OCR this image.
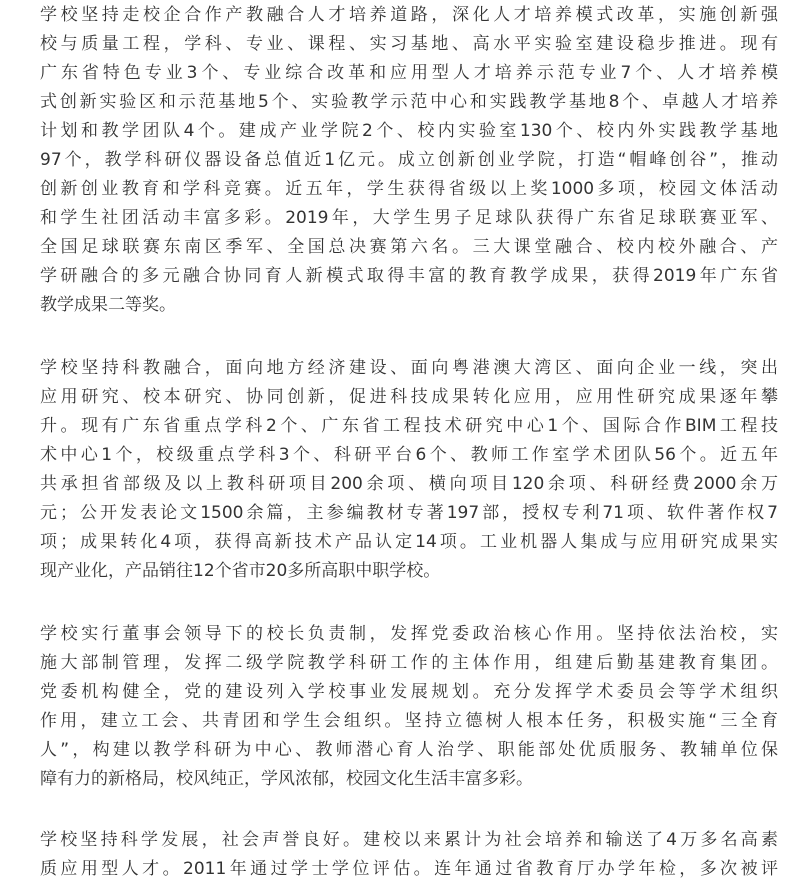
学校坚持走校企合作产教融合人才培养道路，深化人才培养模式改革，实施创新强
校与质量工程，学科、专业、课程、实习基地、高水平实验室建设稳步推进。现有
广东省特色专业3个、专业综合改革和应用型人才培养示范专业7个、人才培养模
式创新实验区和示范基地5个、实验教学示范中心和实践教学基地8个、卓越人才培养
计划和教学团队4个。建成产业学院2个、校内实验室130个、校内外实践教学基地
97个，教学科研仪器设备总值近1亿元。成立创新创业学院，打造“帽峰创谷”，推动
创新创业教育和学科竞赛。近五年，学生获得省级以上奖1000多项，校园文体活动
和学生社团活动丰富多彩。2019年，大学生男子足球队获得广东省足球联赛亚军、
全国足球联赛东南区季军、全国总决赛第六名。三大课堂融合、校内校外融合、产
学研融合的多元融合协同育人新模式取得丰富的教育教学成果，获得2019年广东省
教学成果二等奖。
学校坚持科教融合，面向地方经济建设、面向粤港澳大湾区、面向企业一线，突出
应用研究、校本研究、协同创新，促进科技成果转化应用，应用性研究成果逐年攀
升。现有广东省重点学科2个、广东省工程技术研究中心1个、国际合作BIM工程技
术中心1个，校级重点学科3个、科研平台6个、教师工作室学术团队56个。近五年
共承担省部级及以上教科研项目200余项、横向项目120余项、科研经费2000余万
元；公开发表论文1500余篇，主参编教材专著197部，授权专利71项、软件著作权7
项；成果转化4项，获得高新技术产品认定14项。工业机器人集成与应用研究成果实
现产业化，产品销往12个省市20多所高职中职学校。
学校实行董事会领导下的校长负责制，发挥党委政治核心作用。坚持依法治校，实
施大部制管理，发挥二级学院教学科研工作的主体作用，组建后勤基建教育集团。
党委机构健全，党的建设列入学校事业发展规划。充分发挥学术委员会等学术组织
作用，建立工会、共青团和学生会组织。坚持立德树人根本任务，积极实施“三全育
人”，构建以教学科研为中心、教师潜心育人治学、职能部处优质服务、教辅单位保
障有力的新格局，校风纯正，学风浓郁，校园文化生活丰富多彩。
学校坚持科学发展，社会声誉良好。建校以来累计为社会培养和输送了4万多名高素
质应用型人才。2011年通过学士学位评估。连年通过省教育厅办学年检，多次被评
